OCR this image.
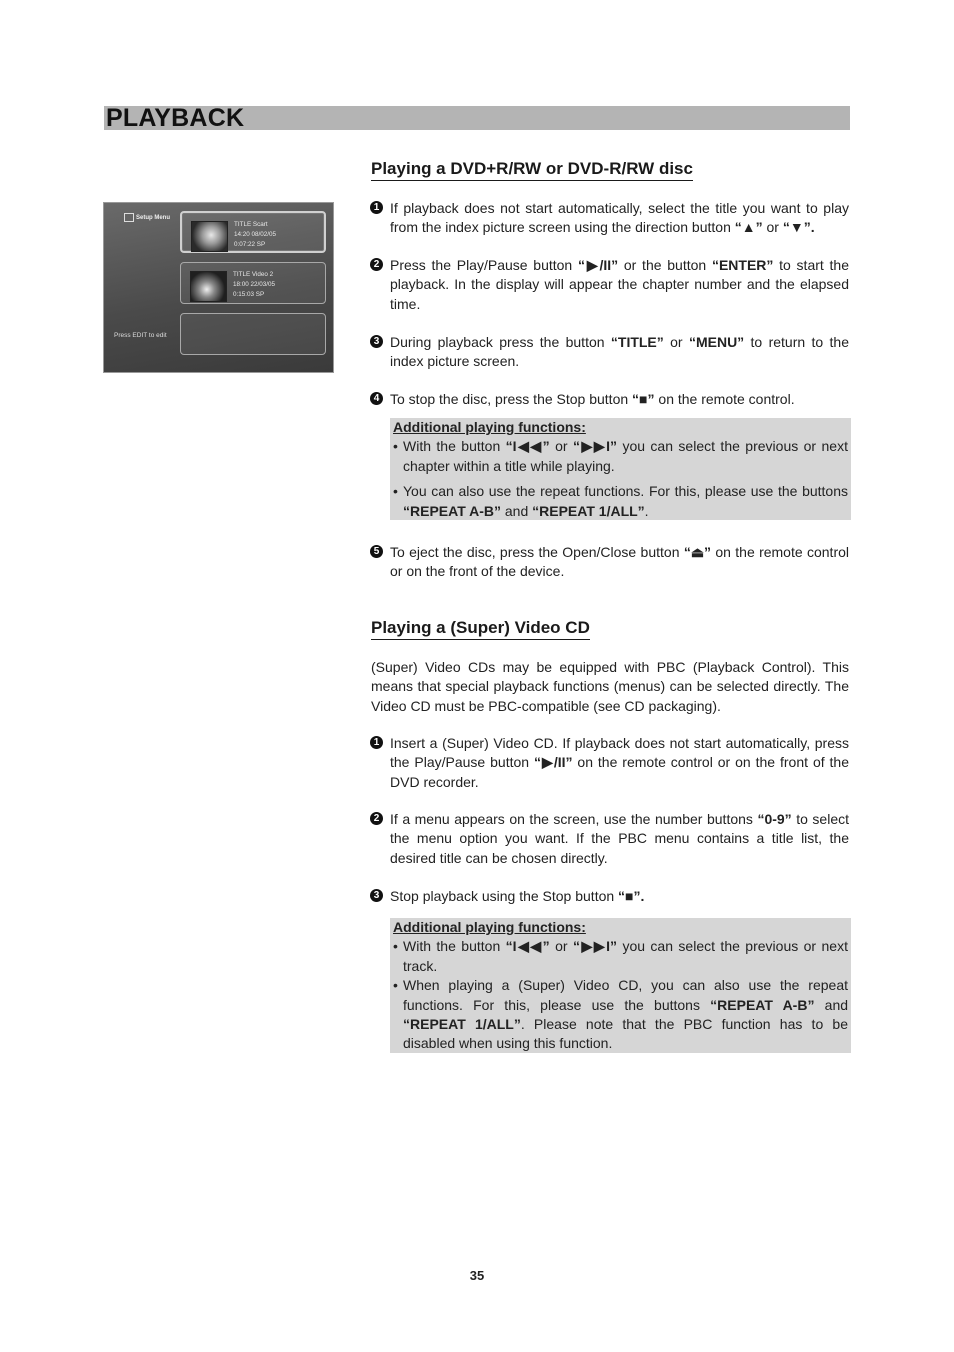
PLAYBACK
Setup Menu
TITLE Scart
14:20 08/02/05
0:07:22 SP
TITLE Video 2
18:00 22/03/05
0:15:03 SP
Press EDIT to edit
Playing a DVD+R/RW or DVD-R/RW disc
1 If playback does not start automatically, select the title you want to play from the index picture screen using the direction button “▲” or “▼”.
2 Press the Play/Pause button “▶/II” or the button “ENTER” to start the playback. In the display will appear the chapter number and the elapsed time.
3 During playback press the button “TITLE” or “MENU” to return to the index picture screen.
4 To stop the disc, press the Stop button “■” on the remote control.
Additional playing functions:
• With the button “I◀◀” or “▶▶I” you can select the previous or next chapter within a title while playing.
• You can also use the repeat functions. For this, please use the buttons “REPEAT A-B” and “REPEAT 1/ALL”.
5 To eject the disc, press the Open/Close button “⏏” on the remote control or on the front of the device.
Playing a (Super) Video CD
(Super) Video CDs may be equipped with PBC (Playback Control). This means that special playback functions (menus) can be selected directly. The Video CD must be PBC-compatible (see CD packaging).
1 Insert a (Super) Video CD. If playback does not start automatically, press the Play/Pause button “▶/II” on the remote control or on the front of the DVD recorder.
2 If a menu appears on the screen, use the number buttons “0-9” to select the menu option you want. If the PBC menu contains a title list, the desired title can be chosen directly.
3 Stop playback using the Stop button “■”.
Additional playing functions:
• With the button “I◀◀” or “▶▶I” you can select the previous or next track.
• When playing a (Super) Video CD, you can also use the repeat functions. For this, please use the buttons “REPEAT A-B” and “REPEAT 1/ALL”. Please note that the PBC function has to be disabled when using this function.
35
